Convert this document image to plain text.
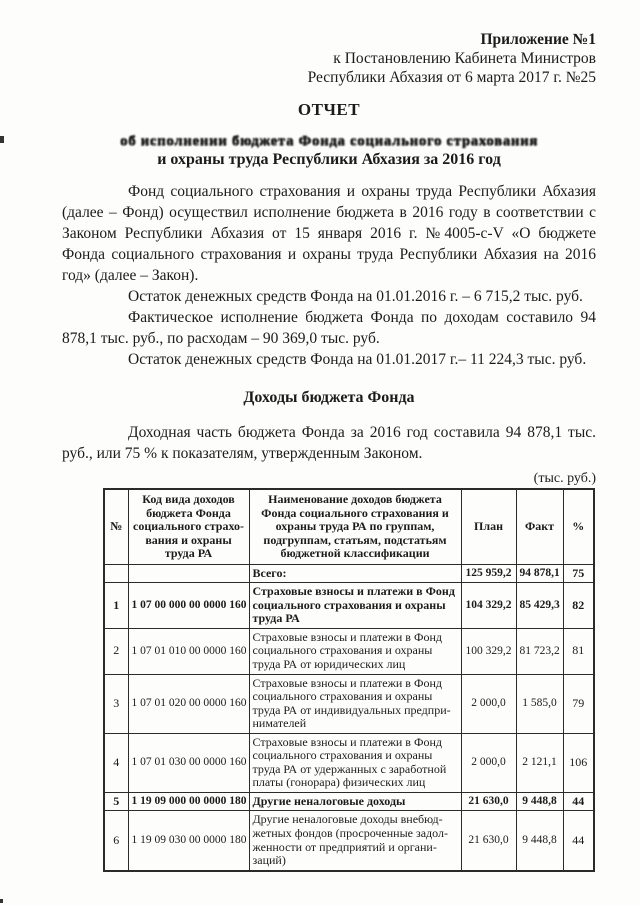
Приложение №1
к Постановлению Кабинета Министров
Республики Абхазия от 6 марта 2017 г. №25
ОТЧЕТ
об исполнении бюджета Фонда социального страхования
и охраны труда Республики Абхазия за 2016 год

Фонд социального страхования и охраны труда Республики Абхазия (далее – Фонд) осуществил исполнение бюджета в 2016 году в соответствии с Законом Республики Абхазия от 15 января 2016 г. №4005-с-V «О бюджете Фонда социального страхования и охраны труда Республики Абхазия на 2016 год» (далее – Закон).

Остаток денежных средств Фонда на 01.01.2016 г. – 6 715,2 тыс. руб.

Фактическое исполнение бюджета Фонда по доходам составило 94 878,1 тыс. руб., по расходам – 90 369,0 тыс. руб.

Остаток денежных средств Фонда на 01.01.2017 г.– 11 224,3 тыс. руб.

Доходы бюджета Фонда

Доходная часть бюджета Фонда за 2016 год составила 94 878,1 тыс. руб., или 75 % к показателям, утвержденным Законом.

(тыс. руб.)
№	Код вида доходов бюджета Фонда социального страхования и охраны труда РА	Наименование доходов бюджета Фонда социального страхования и охраны труда РА по группам, подгруппам, статьям, подстатьям бюджетной классификации	План	Факт	%
		Всего:	125 959,2	94 878,1	75
1	1 07 00 000 00 0000 160	Страховые взносы и платежи в Фонд социального страхования и охраны труда РА	104 329,2	85 429,3	82
2	1 07 01 010 00 0000 160	Страховые взносы и платежи в Фонд социального страхования и охраны труда РА от юридических лиц	100 329,2	81 723,2	81
3	1 07 01 020 00 0000 160	Страховые взносы и платежи в Фонд социального страхования и охраны труда РА от индивидуальных предпринимателей	2 000,0	1 585,0	79
4	1 07 01 030 00 0000 160	Страховые взносы и платежи в Фонд социального страхования и охраны труда РА от удержанных с заработной платы (гонорара) физических лиц	2 000,0	2 121,1	106
5	1 19 09 000 00 0000 180	Другие неналоговые доходы	21 630,0	9 448,8	44
6	1 19 09 030 00 0000 180	Другие неналоговые доходы внебюджетных фондов (просроченные задолженности от предприятий и организаций)	21 630,0	9 448,8	44
